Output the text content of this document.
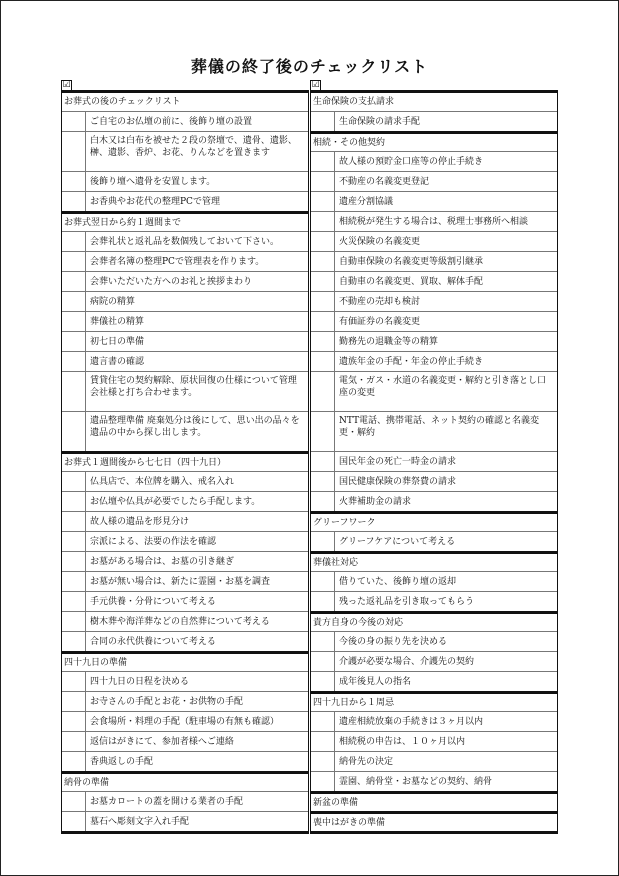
葬儀の終了後のチェックリスト
☑
お葬式の後のチェックリスト
ご自宅のお仏壇の前に、後飾り壇の設置
白木又は白布を被せた２段の祭壇で、遺骨、遺影、榊、遺影、香炉、お花、りんなどを置きます
後飾り壇へ遺骨を安置します。
お香典やお花代の整理PCで管理
お葬式翌日から約１週間まで
会葬礼状と返礼品を数個残しておいて下さい。
会葬者名簿の整理PCで管理表を作ります。
会葬いただいた方へのお礼と挨拶まわり
病院の精算
葬儀社の精算
初七日の準備
遺言書の確認
賃貸住宅の契約解除、原状回復の仕様について管理会社様と打ち合わせます。
遺品整理準備 廃棄処分は後にして、思い出の品々を遺品の中から探し出します。
お葬式１週間後から七七日（四十九日）
仏具店で、本位牌を購入、戒名入れ
お仏壇や仏具が必要でしたら手配します。
故人様の遺品を形見分け
宗派による、法要の作法を確認
お墓がある場合は、お墓の引き継ぎ
お墓が無い場合は、新たに霊園・お墓を調査
手元供養・分骨について考える
樹木葬や海洋葬などの自然葬について考える
合同の永代供養について考える
四十九日の準備
四十九日の日程を決める
お寺さんの手配とお花・お供物の手配
会食場所・料理の手配（駐車場の有無も確認）
返信はがきにて、参加者様へご連絡
香典返しの手配
納骨の準備
お墓カロートの蓋を開ける業者の手配
墓石へ彫刻文字入れ手配
☑
生命保険の支払請求
生命保険の請求手配
相続・その他契約
故人様の預貯金口座等の停止手続き
不動産の名義変更登記
遺産分割協議
相続税が発生する場合は、税理士事務所へ相談
火災保険の名義変更
自動車保険の名義変更等級割引継承
自動車の名義変更、買取、解体手配
不動産の売却も検討
有価証券の名義変更
勤務先の退職金等の精算
遺族年金の手配・年金の停止手続き
電気・ガス・水道の名義変更・解約と引き落とし口座の変更
NTT電話、携帯電話、ネット契約の確認と名義変更・解約
国民年金の死亡一時金の請求
国民健康保険の葬祭費の請求
火葬補助金の請求
グリーフワーク
グリーフケアについて考える
葬儀社対応
借りていた、後飾り壇の返却
残った返礼品を引き取ってもらう
貴方自身の今後の対応
今後の身の振り先を決める
介護が必要な場合、介護先の契約
成年後見人の指名
四十九日から１周忌
遺産相続放棄の手続きは３ヶ月以内
相続税の申告は、１０ヶ月以内
納骨先の決定
霊園、納骨堂・お墓などの契約、納骨
新盆の準備
喪中はがきの準備
